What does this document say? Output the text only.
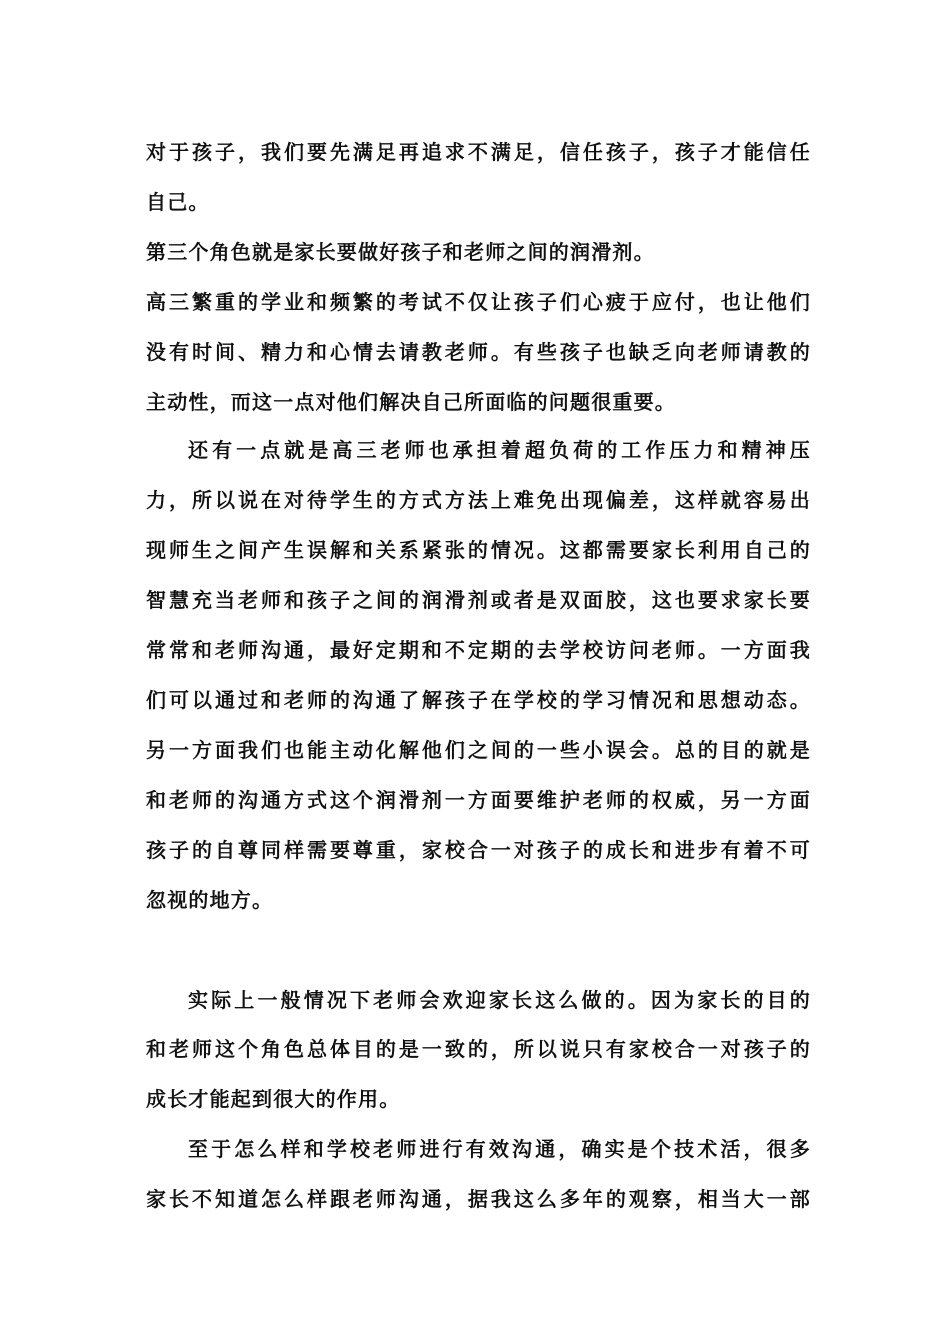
对于孩子，我们要先满足再追求不满足，信任孩子，孩子才能信任
自己。
第三个角色就是家长要做好孩子和老师之间的润滑剂。
高三繁重的学业和频繁的考试不仅让孩子们心疲于应付，也让他们
没有时间、精力和心情去请教老师。有些孩子也缺乏向老师请教的
主动性，而这一点对他们解决自己所面临的问题很重要。
还有一点就是高三老师也承担着超负荷的工作压力和精神压
力，所以说在对待学生的方式方法上难免出现偏差，这样就容易出
现师生之间产生误解和关系紧张的情况。这都需要家长利用自己的
智慧充当老师和孩子之间的润滑剂或者是双面胶，这也要求家长要
常常和老师沟通，最好定期和不定期的去学校访问老师。一方面我
们可以通过和老师的沟通了解孩子在学校的学习情况和思想动态。
另一方面我们也能主动化解他们之间的一些小误会。总的目的就是
和老师的沟通方式这个润滑剂一方面要维护老师的权威，另一方面
孩子的自尊同样需要尊重，家校合一对孩子的成长和进步有着不可
忽视的地方。
实际上一般情况下老师会欢迎家长这么做的。因为家长的目的
和老师这个角色总体目的是一致的，所以说只有家校合一对孩子的
成长才能起到很大的作用。
至于怎么样和学校老师进行有效沟通，确实是个技术活，很多
家长不知道怎么样跟老师沟通，据我这么多年的观察，相当大一部
